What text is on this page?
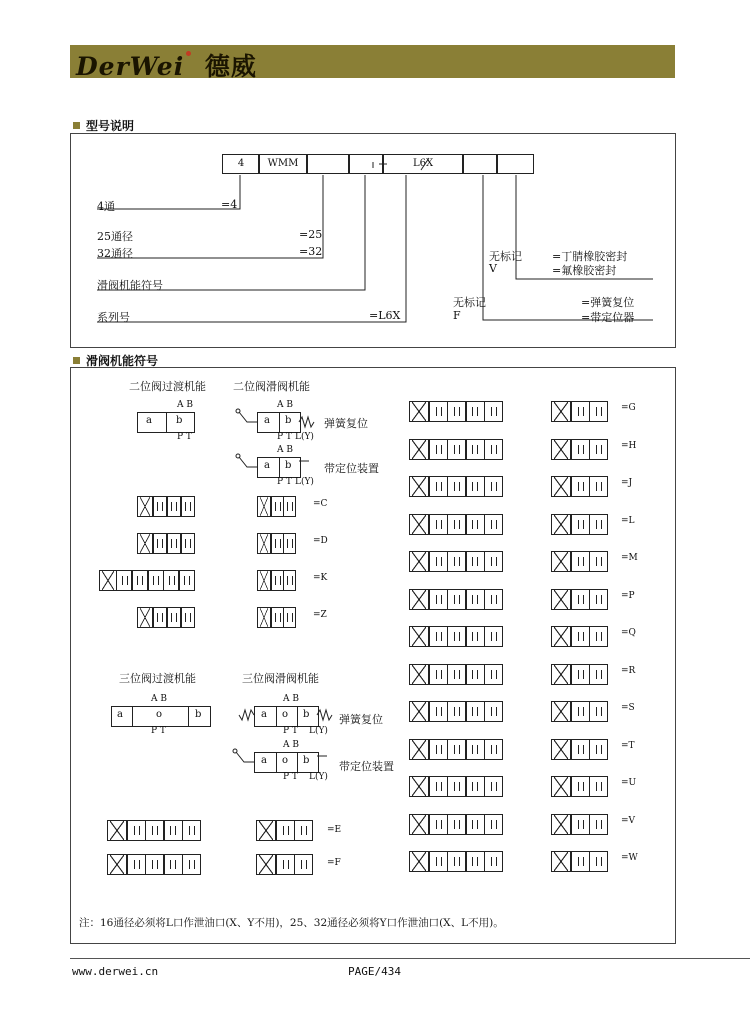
DerWei 德威
型号说明
4	WMM	L6X
4通	=4
25通径	=25
32通径	=32
滑阀机能符号
系列号	=L6X
无标记	=丁腈橡胶密封
V	=氟橡胶密封
无标记	=弹簧复位
F	=带定位器
滑阀机能符号
二位阀过渡机能 二位阀滑阀机能
三位阀过渡机能	三位阀滑阀机能
弹簧复位
带定位装置
弹簧复位
带定位装置
a b
A B
P T
a b
A B
P T L(Y)
a b
A B
P T L(Y)
a	o	b
A B
P T
a o b
A B
P T L(Y)
a o b
A B
P T L(Y)
=C
=D
=K
=Z
=E
=F
=G
=H
=J
=L
=M
=P
=Q
=R
=S
=T
=U
=V
=W
注：16通径必须将L口作泄油口(X、Y不用)，25、32通径必须将Y口作泄油口(X、L不用)。
www.derwei.cn	PAGE/434
